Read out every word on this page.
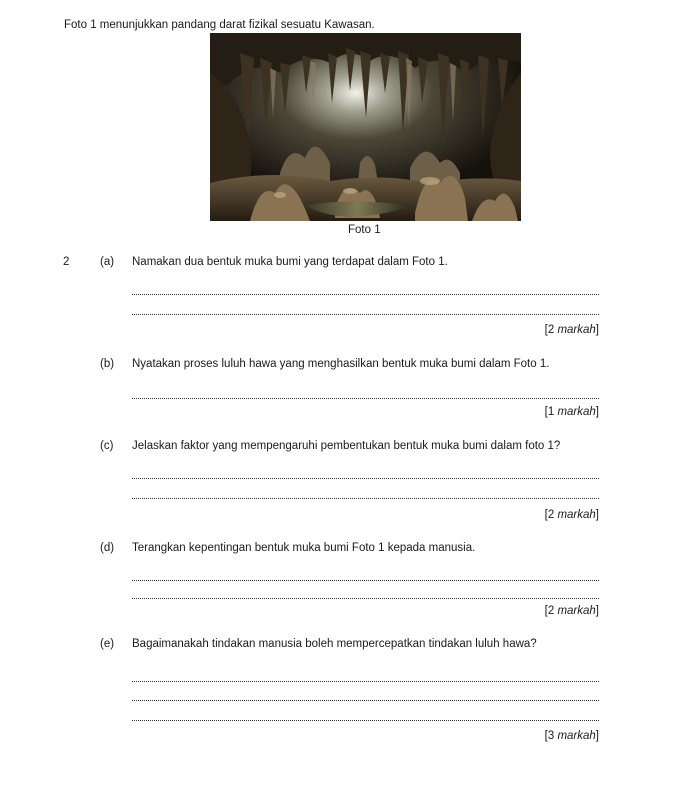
Foto 1 menunjukkan pandang darat fizikal sesuatu Kawasan.
Foto 1
2	(a) Namakan dua bentuk muka bumi yang terdapat dalam Foto 1.
[2 markah]
(b) Nyatakan proses luluh hawa yang menghasilkan bentuk muka bumi dalam Foto 1.
[1 markah]
(c) Jelaskan faktor yang mempengaruhi pembentukan bentuk muka bumi dalam foto 1?
[2 markah]
(d) Terangkan kepentingan bentuk muka bumi Foto 1 kepada manusia.
[2 markah]
(e) Bagaimanakah tindakan manusia boleh mempercepatkan tindakan luluh hawa?
[3 markah]
